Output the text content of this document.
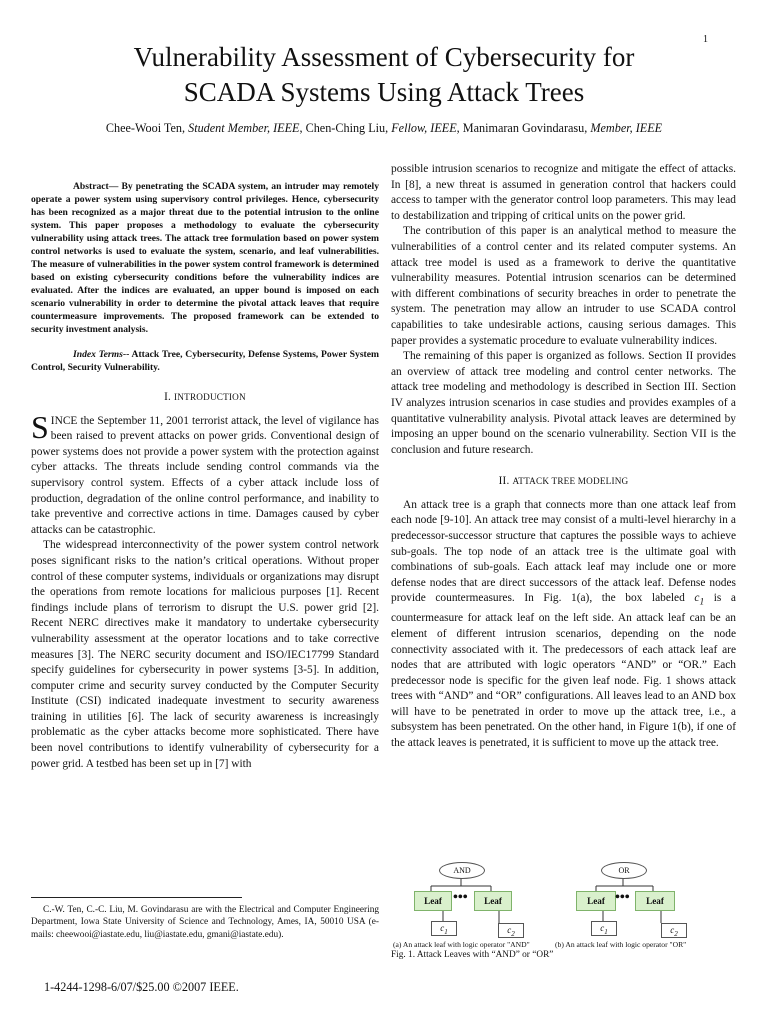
1
Vulnerability Assessment of Cybersecurity for
SCADA Systems Using Attack Trees
Chee-Wooi Ten, Student Member, IEEE, Chen-Ching Liu, Fellow, IEEE, Manimaran Govindarasu, Member, IEEE

Abstract— By penetrating the SCADA system, an intruder may remotely operate a power system using supervisory control privileges. Hence, cybersecurity has been recognized as a major threat due to the potential intrusion to the online system. This paper proposes a methodology to evaluate the cybersecurity vulnerability using attack trees. The attack tree formulation based on power system control networks is used to evaluate the system, scenario, and leaf vulnerabilities. The measure of vulnerabilities in the power system control framework is determined based on existing cybersecurity conditions before the vulnerability indices are evaluated. After the indices are evaluated, an upper bound is imposed on each scenario vulnerability in order to determine the pivotal attack leaves that require countermeasure improvements. The proposed framework can be extended to security investment analysis.

Index Terms-- Attack Tree, Cybersecurity, Defense Systems, Power System Control, Security Vulnerability.

I. INTRODUCTION

SINCE the September 11, 2001 terrorist attack, the level of vigilance has been raised to prevent attacks on power grids. Conventional design of power systems does not provide a power system with the protection against cyber attacks. The threats include sending control commands via the supervisory control system. Effects of a cyber attack include loss of production, degradation of the online control performance, and inability to take preventive and corrective actions in time. Damages caused by cyber attacks can be catastrophic.

The widespread interconnectivity of the power system control network poses significant risks to the nation’s critical operations. Without proper control of these computer systems, individuals or organizations may disrupt the operations from remote locations for malicious purposes [1]. Recent findings include plans of terrorism to disrupt the U.S. power grid [2]. Recent NERC directives make it mandatory to undertake cybersecurity vulnerability assessment at the operator locations and to take corrective measures [3]. The NERC security document and ISO/IEC17799 Standard specify guidelines for cybersecurity in power systems [3-5]. In addition, computer crime and security survey conducted by the Computer Security Institute (CSI) indicated inadequate investment to security awareness training in utilities [6]. The lack of security awareness is increasingly problematic as the cyber attacks become more sophisticated. There have been novel contributions to identify vulnerability of cybersecurity for a power grid. A testbed has been set up in [7] with

C.-W. Ten, C.-C. Liu, M. Govindarasu are with the Electrical and Computer Engineering Department, Iowa State University of Science and Technology, Ames, IA, 50010 USA (e-mails: cheewooi@iastate.edu, liu@iastate.edu, gmani@iastate.edu).
1-4244-1298-6/07/$25.00 ©2007 IEEE.

possible intrusion scenarios to recognize and mitigate the effect of attacks. In [8], a new threat is assumed in generation control that hackers could access to tamper with the generator control loop parameters. This may lead to destabilization and tripping of critical units on the power grid.

The contribution of this paper is an analytical method to measure the vulnerabilities of a control center and its related computer systems. An attack tree model is used as a framework to derive the quantitative vulnerability measures. Potential intrusion scenarios can be determined with different combinations of security breaches in order to penetrate the system. The penetration may allow an intruder to use SCADA control capabilities to take undesirable actions, causing serious damages. This paper provides a systematic procedure to evaluate vulnerability indices.

The remaining of this paper is organized as follows. Section II provides an overview of attack tree modeling and control center networks. The attack tree modeling and methodology is described in Section III. Section IV analyzes intrusion scenarios in case studies and provides examples of a quantitative vulnerability analysis. Pivotal attack leaves are determined by imposing an upper bound on the scenario vulnerability. Section VII is the conclusion and future research.

II. ATTACK TREE MODELING

An attack tree is a graph that connects more than one attack leaf from each node [9-10]. An attack tree may consist of a multi-level hierarchy in a predecessor-successor structure that captures the possible ways to achieve sub-goals. The top node of an attack tree is the ultimate goal with combinations of sub-goals. Each attack leaf may include one or more defense nodes that are direct successors of the attack leaf. Defense nodes provide countermeasures. In Fig. 1(a), the box labeled $c_1$ is a countermeasure for attack leaf on the left side. An attack leaf can be an element of different intrusion scenarios, depending on the node connectivity associated with it. The predecessors of each attack leaf are nodes that are attributed with logic operators “AND” or “OR.” Each predecessor node is specific for the given leaf node. Fig. 1 shows attack trees with “AND” and “OR” configurations. All leaves lead to an AND box will have to be penetrated in order to move up the attack tree, i.e., a subsystem has been penetrated. On the other hand, in Figure 1(b), if one of the attack leaves is penetrated, it is sufficient to move up the attack tree.

AND
Leaf •••	Leaf
$c_1$	$c_2$
OR
Leaf •••	Leaf
$c_1$	$c_2$
(a) An attack leaf with logic operator "AND"	(b) An attack leaf with logic operator "OR"
Fig. 1. Attack Leaves with “AND” or “OR”
